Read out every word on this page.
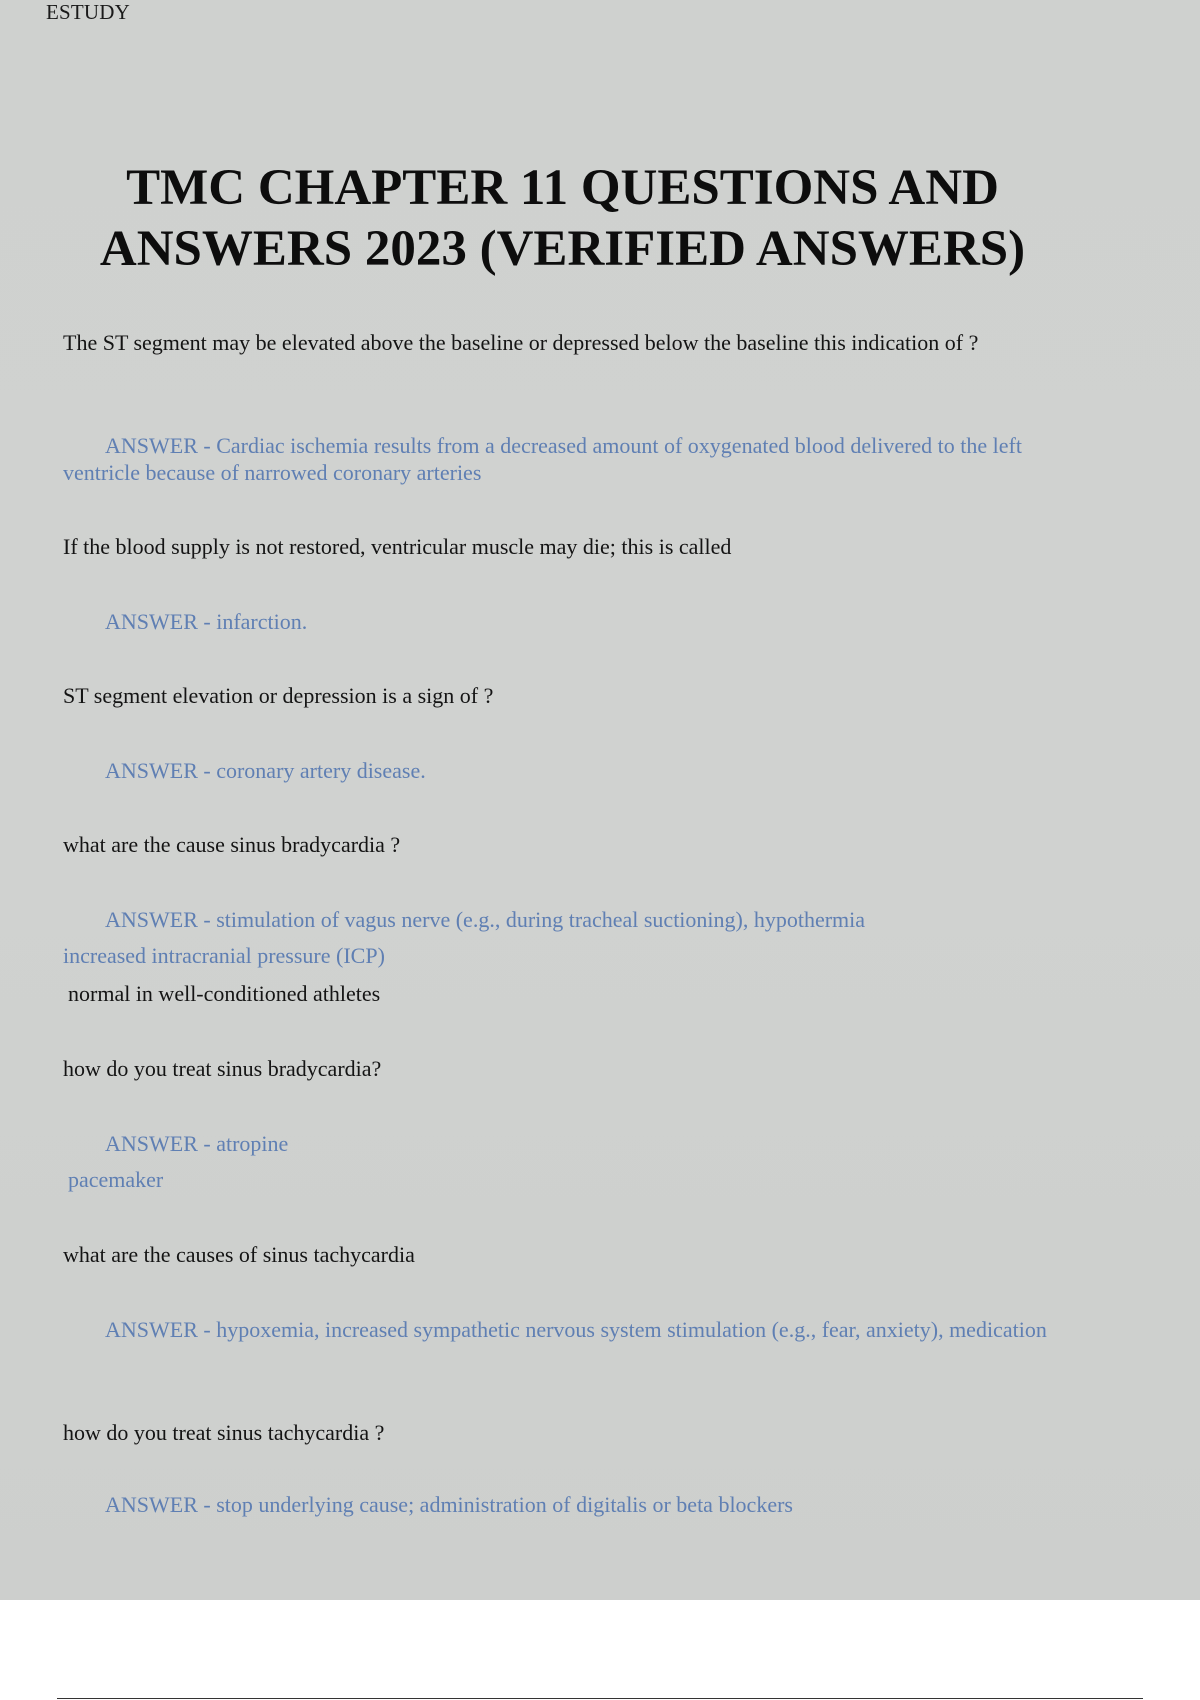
ESTUDY
TMC CHAPTER 11 QUESTIONS AND
ANSWERS 2023 (VERIFIED ANSWERS)
The ST segment may be elevated above the baseline or depressed below the baseline this indication of ?
ANSWER - Cardiac ischemia results from a decreased amount of oxygenated blood delivered to the left ventricle because of narrowed coronary arteries
If the blood supply is not restored, ventricular muscle may die; this is called
ANSWER - infarction.
ST segment elevation or depression is a sign of ?
ANSWER - coronary artery disease.
what are the cause sinus bradycardia ?
ANSWER - stimulation of vagus nerve (e.g., during tracheal suctioning), hypothermia
increased intracranial pressure (ICP)
normal in well-conditioned athletes
how do you treat sinus bradycardia?
ANSWER - atropine
pacemaker
what are the causes of sinus tachycardia
ANSWER - hypoxemia, increased sympathetic nervous system stimulation (e.g., fear, anxiety), medication
how do you treat sinus tachycardia ?
ANSWER - stop underlying cause; administration of digitalis or beta blockers
